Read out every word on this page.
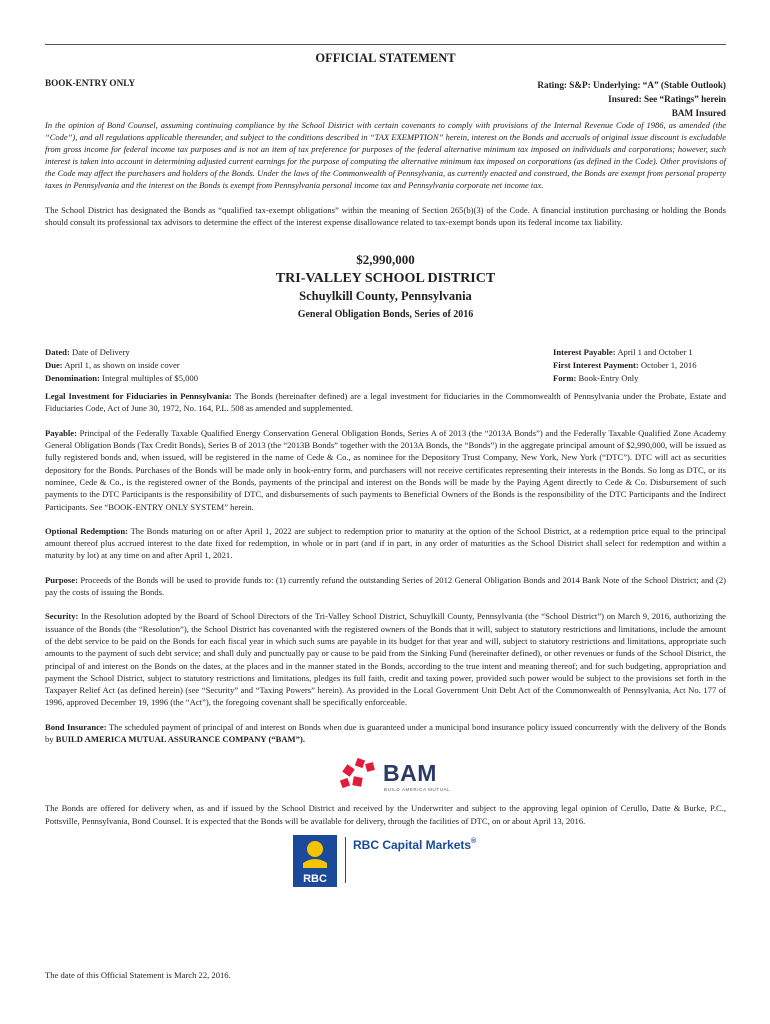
OFFICIAL STATEMENT
BOOK-ENTRY ONLY	Rating: S&P: Underlying: “A” (Stable Outlook)
Insured: See “Ratings” herein
BAM Insured

In the opinion of Bond Counsel, assuming continuing compliance by the School District with certain covenants to comply with provisions of the Internal Revenue Code of 1986, as amended (the “Code”), and all regulations applicable thereunder, and subject to the conditions described in “TAX EXEMPTION” herein, interest on the Bonds and accruals of original issue discount is excludable from gross income for federal income tax purposes and is not an item of tax preference for purposes of the federal alternative minimum tax imposed on individuals and corporations; however, such interest is taken into account in determining adjusted current earnings for the purpose of computing the alternative minimum tax imposed on corporations (as defined in the Code). Other provisions of the Code may affect the purchasers and holders of the Bonds. Under the laws of the Commonwealth of Pennsylvania, as currently enacted and construed, the Bonds are exempt from personal property taxes in Pennsylvania and the interest on the Bonds is exempt from Pennsylvania personal income tax and Pennsylvania corporate net income tax.

The School District has designated the Bonds as “qualified tax-exempt obligations” within the meaning of Section 265(b)(3) of the Code. A financial institution purchasing or holding the Bonds should consult its professional tax advisors to determine the effect of the interest expense disallowance related to tax-exempt bonds upon its federal income tax liability.

$2,990,000
TRI-VALLEY SCHOOL DISTRICT
Schuylkill County, Pennsylvania
General Obligation Bonds, Series of 2016
Dated: Date of Delivery
Due: April 1, as shown on inside cover
Denomination: Integral multiples of $5,000
Interest Payable: April 1 and October 1
First Interest Payment: October 1, 2016
Form: Book-Entry Only

Legal Investment for Fiduciaries in Pennsylvania: The Bonds (hereinafter defined) are a legal investment for fiduciaries in the Commonwealth of Pennsylvania under the Probate, Estate and Fiduciaries Code, Act of June 30, 1972, No. 164, P.L. 508 as amended and supplemented.

Payable: Principal of the Federally Taxable Qualified Energy Conservation General Obligation Bonds, Series A of 2013 (the “2013A Bonds”) and the Federally Taxable Qualified Zone Academy General Obligation Bonds (Tax Credit Bonds), Series B of 2013 (the “2013B Bonds” together with the 2013A Bonds, the “Bonds”) in the aggregate principal amount of $2,990,000, will be issued as fully registered bonds and, when issued, will be registered in the name of Cede & Co., as nominee for the Depository Trust Company, New York, New York (“DTC”). DTC will act as securities depository for the Bonds. Purchases of the Bonds will be made only in book-entry form, and purchasers will not receive certificates representing their interests in the Bonds. So long as DTC, or its nominee, Cede & Co., is the registered owner of the Bonds, payments of the principal and interest on the Bonds will be made by the Paying Agent directly to Cede & Co. Disbursement of such payments to the DTC Participants is the responsibility of DTC, and disbursements of such payments to Beneficial Owners of the Bonds is the responsibility of the DTC Participants and the Indirect Participants. See “BOOK-ENTRY ONLY SYSTEM” herein.

Optional Redemption: The Bonds maturing on or after April 1, 2022 are subject to redemption prior to maturity at the option of the School District, at a redemption price equal to the principal amount thereof plus accrued interest to the date fixed for redemption, in whole or in part (and if in part, in any order of maturities as the School District shall select for redemption and within a maturity by lot) at any time on and after April 1, 2021.

Purpose: Proceeds of the Bonds will be used to provide funds to: (1) currently refund the outstanding Series of 2012 General Obligation Bonds and 2014 Bank Note of the School District; and (2) pay the costs of issuing the Bonds.

Security: In the Resolution adopted by the Board of School Directors of the Tri-Valley School District, Schuylkill County, Pennsylvania (the “School District”) on March 9, 2016, authorizing the issuance of the Bonds (the “Resolution”), the School District has covenanted with the registered owners of the Bonds that it will, subject to statutory restrictions and limitations, include the amount of the debt service to be paid on the Bonds for each fiscal year in which such sums are payable in its budget for that year and will, subject to statutory restrictions and limitations, appropriate such amounts to the payment of such debt service; and shall duly and punctually pay or cause to be paid from the Sinking Fund (hereinafter defined), or other revenues or funds of the School District, the principal of and interest on the Bonds on the dates, at the places and in the manner stated in the Bonds, according to the true intent and meaning thereof; and for such budgeting, appropriation and payment the School District, subject to statutory restrictions and limitations, pledges its full faith, credit and taxing power, provided such power would be subject to the provisions set forth in the Taxpayer Relief Act (as defined herein) (see “Security” and “Taxing Powers” herein). As provided in the Local Government Unit Debt Act of the Commonwealth of Pennsylvania, Act No. 177 of 1996, approved December 19, 1996 (the “Act”), the foregoing covenant shall be specifically enforceable.

Bond Insurance: The scheduled payment of principal of and interest on Bonds when due is guaranteed under a municipal bond insurance policy issued concurrently with the delivery of the Bonds by BUILD AMERICA MUTUAL ASSURANCE COMPANY (“BAM”).

BAM
BUILD AMERICA MUTUAL

The Bonds are offered for delivery when, as and if issued by the School District and received by the Underwriter and subject to the approving legal opinion of Cerullo, Datte & Burke, P.C., Pottsville, Pennsylvania, Bond Counsel. It is expected that the Bonds will be available for delivery, through the facilities of DTC, on or about April 13, 2016.

RBC
RBC Capital Markets®
The date of this Official Statement is March 22, 2016.
